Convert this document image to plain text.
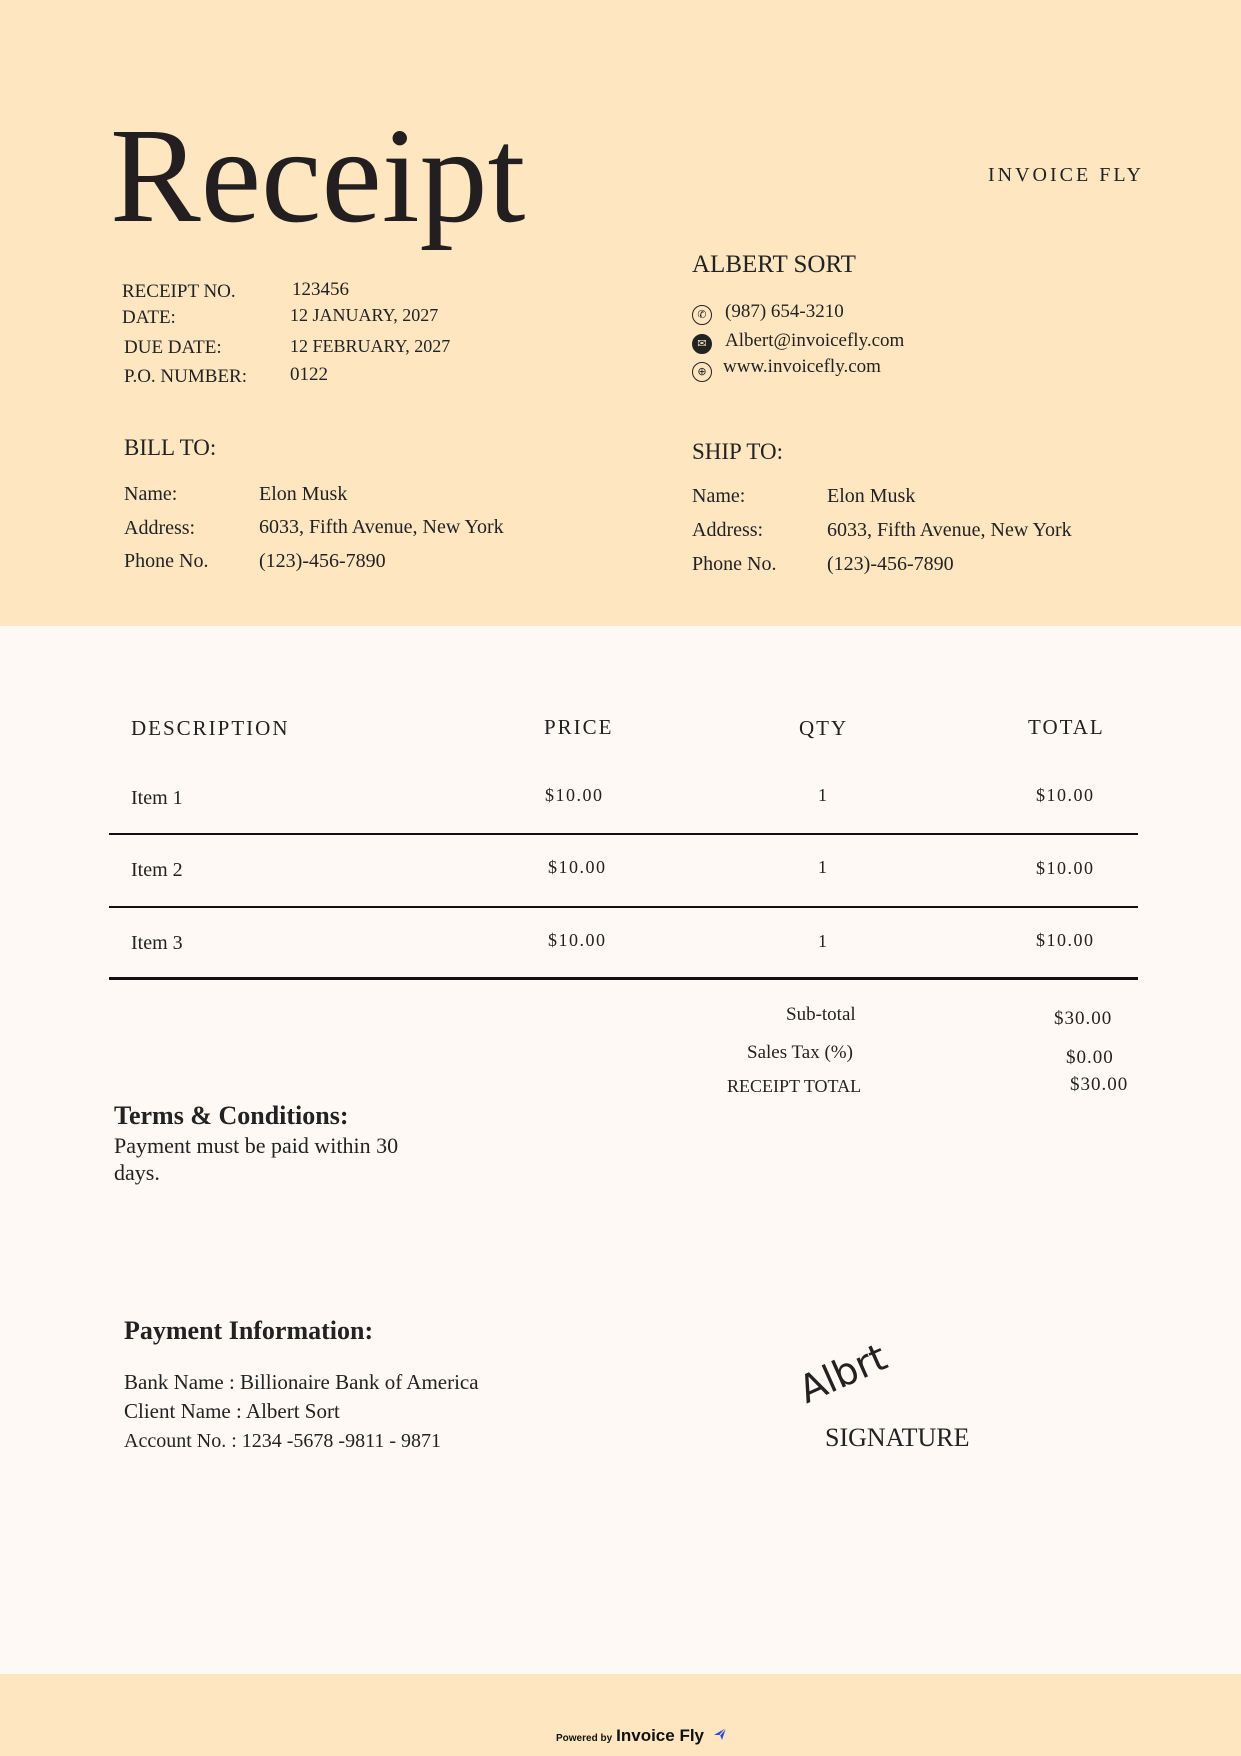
Receipt	INVOICE FLY
RECEIPT NO.	123456
DATE:	12 JANUARY, 2027
DUE DATE:	12 FEBRUARY, 2027
P.O. NUMBER: 0122
ALBERT SORT
✆ (987) 654-3210
✉ Albert@invoicefly.com
⊕ www.invoicefly.com
BILL TO:
Name:	Elon Musk
Address:	6033, Fifth Avenue, New York
Phone No.	(123)-456-7890
SHIP TO:
Name:	Elon Musk
Address:	6033, Fifth Avenue, New York
Phone No.	(123)-456-7890
DESCRIPTION	PRICE	QTY	TOTAL
Item 1	$10.00	1	$10.00
Item 2	$10.00	1	$10.00
Item 3	$10.00	1	$10.00
Sub-total	$30.00
Sales Tax (%)	$0.00
RECEIPT TOTAL	$30.00
Terms & Conditions:
Payment must be paid within 30
days.
Payment Information:
Bank Name : Billionaire Bank of America
Client Name : Albert Sort
Account No. : 1234 -5678 -9811 - 9871
Albrt
SIGNATURE
Powered by Invoice Fly
